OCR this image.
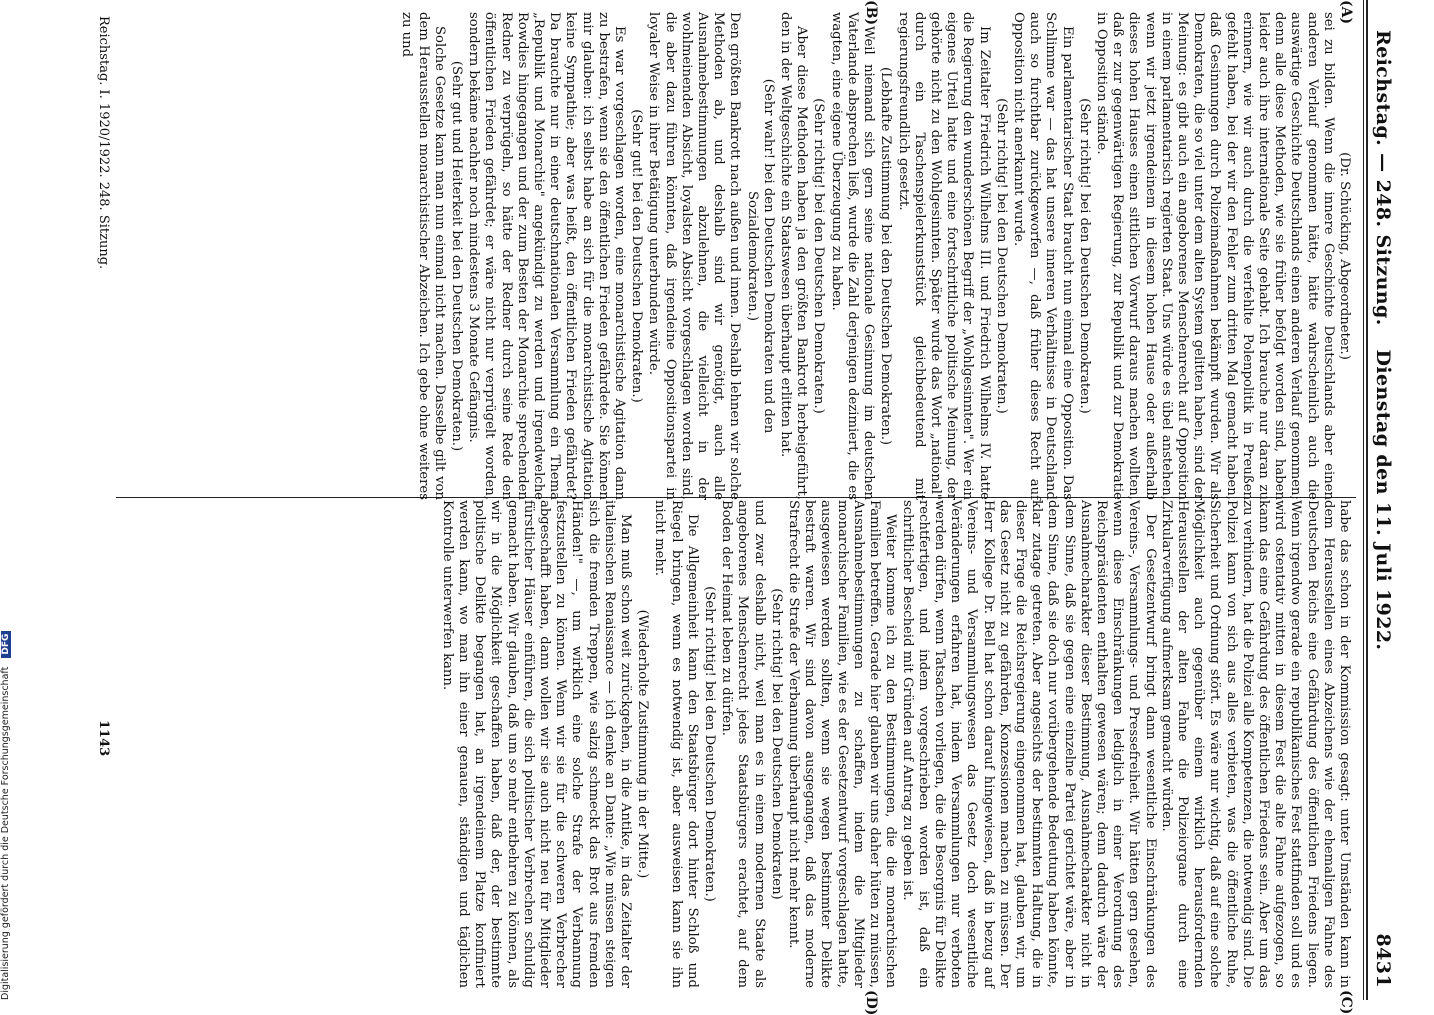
Reichstag. — 248. Sitzung.
Dienstag den 11. Juli 1922.
8431
(A)
(B)
(C)
(D)

(Dr. Schücking, Abgeordneter.)

sei zu bilden. Wenn die innere Geschichte Deutschlands aber einen anderen Verlauf genommen hätte, hätte wahrscheinlich auch die auswärtige Geschichte Deutschlands einen anderen Verlauf genommen; denn alle diese Methoden, wie sie früher befolgt worden sind, haben leider auch ihre internationale Seite gehabt. Ich brauche nur daran zu erinnern, wie wir auch durch die verfehlte Polenpolitik in Preußen gefehlt haben, bei der wir den Fehler zum dritten Mal gemacht haben, daß Gesinnungen durch Polizeimaßnahmen bekämpft wurden. Wir als Demokraten, die so viel unter dem alten System gelitten haben, sind der Meinung: es gibt auch ein angeborenes Menschenrecht auf Opposition in einem parlamentarisch regierten Staat. Uns würde es übel anstehen, wenn wir jetzt irgendeinem in diesem hohen Hause oder außerhalb dieses hohen Hauses einen sittlichen Vorwurf daraus machen wollten, daß er zur gegenwärtigen Regierung, zur Republik und zur Demokratie in Opposition stände.

(Sehr richtig! bei den Deutschen Demokraten.)

Ein parlamentarischer Staat braucht nun einmal eine Opposition. Das Schlimme war — das hat unsere inneren Verhältnisse in Deutschland auch so furchtbar zurückgeworfen —, daß früher dieses Recht auf Opposition nicht anerkannt wurde.

(Sehr richtig! bei den Deutschen Demokraten.)

Im Zeitalter Friedrich Wilhelms III. und Friedrich Wilhelms IV. hatte die Regierung den wunderschönen Begriff der „Wohlgesinnten". Wer ein eigenes Urteil hatte und eine fortschrittliche politische Meinung, der gehörte nicht zu den Wohlgesinnten. Später wurde das Wort „national" durch ein Taschenspielerkunststück gleichbedeutend mit regierungsfreundlich gesetzt.

(Lebhafte Zustimmung bei den Deutschen Demokraten.)

Weil niemand sich gern seine nationale Gesinnung im deutschen Vaterlande absprechen ließ, wurde die Zahl derjenigen dezimiert, die es wagten, eine eigene Überzeugung zu haben.

(Sehr richtig! bei den Deutschen Demokraten.)

Aber diese Methoden haben ja den größten Bankrott herbeigeführt, den in der Weltgeschichte ein Staatswesen überhaupt erlitten hat.

(Sehr wahr! bei den Deutschen Demokraten und den Sozialdemokraten.)

Den größten Bankrott nach außen und innen. Deshalb lehnen wir solche Methoden ab, und deshalb sind wir genötigt, auch alle Ausnahmebestimmungen abzulehnen, die vielleicht in der wohlmeinenden Absicht, loyalsten Absicht vorgeschlagen worden sind, die aber dazu führen könnten, daß irgendeine Oppositionspartei in loyaler Weise in ihrer Betätigung unterbunden würde.

(Sehr gut! bei den Deutschen Demokraten.)

Es war vorgeschlagen worden, eine monarchistische Agitation dann zu bestrafen, wenn sie den öffentlichen Frieden gefährdete. Sie können mir glauben: ich selbst habe an sich für die monarchistische Agitation keine Sympathie; aber was heißt, den öffentlichen Frieden gefährdet? Da brauchte nur in einer deutschnationalen Versammlung ein Thema „Republik und Monarchie" angekündigt zu werden und irgendwelche Rowdies hingegangen und der zum Besten der Monarchie sprechenden Redner zu verprügeln, so hätte der Redner durch seine Rede den öffentlichen Frieden gefährdet; er wäre nicht nur verprügelt worden, sondern bekäme nachher noch mindestens 3 Monate Gefängnis.

(Sehr gut und Heiterkeit bei den Deutschen Demokraten.)

Solche Gesetze kann man nun einmal nicht machen. Dasselbe gilt von dem Herausstellen monarchistischer Abzeichen. Ich gebe ohne weiteres zu und

habe das schon in der Kommission gesagt: unter Umständen kann in dem Herausstellen eines Abzeichens wie der ehemaligen Fahne des Deutschen Reichs eine Gefährdung des öffentlichen Friedens liegen. Wenn irgendwo gerade ein republikanisches Fest stattfinden soll und es wird ostentativ mitten in diesem Fest die alte Fahne aufgezogen, so kann das eine Gefährdung des öffentlichen Friedens sein. Aber um das zu verhindern, hat die Polizei alle Kompetenzen, die notwendig sind. Die Polizei kann von sich aus alles verbieten, was die öffentliche Ruhe, Sicherheit und Ordnung stört. Es wäre nur wichtig, daß auf eine solche Möglichkeit auch gegenüber einem wirklich herausfordernden Herausstellen der alten Fahne die Polizeiorgane durch eine Zirkularverfügung aufmerksam gemacht würden.

Der Gesetzentwurf bringt dann wesentliche Einschränkungen des Vereins-, Versammlungs- und Pressefreiheit. Wir hätten gern gesehen, wenn diese Einschränkungen lediglich in einer Verordnung des Reichspräsidenten enthalten gewesen wären; denn dadurch wäre der Ausnahmecharakter dieser Bestimmung, Ausnahmecharakter nicht in dem Sinne, daß sie gegen eine einzelne Partei gerichtet wäre, aber in dem Sinne, daß sie doch nur vorübergehende Bedeutung haben könnte, klar zutage getreten. Aber angesichts der bestimmten Haltung, die in dieser Frage die Reichsregierung eingenommen hat, glauben wir, um das Gesetz nicht zu gefährden, Konzessionen machen zu müssen. Der Herr Kollege Dr. Bell hat schon darauf hingewiesen, daß in bezug auf Vereins- und Versammlungswesen das Gesetz doch wesentliche Veränderungen erfahren hat, indem Versammlungen nur verboten werden dürfen, wenn Tatsachen vorliegen, die die Besorgnis für Delikte rechtfertigen, und indem vorgeschrieben worden ist, daß ein schriftlicher Bescheid mit Gründen auf Antrag zu geben ist.

Weiter komme ich zu den Bestimmungen, die die monarchischen Familien betreffen. Gerade hier glauben wir uns daher hüten zu müssen, Ausnahmebestimmungen zu schaffen, indem die Mitglieder monarchischer Familien, wie es der Gesetzentwurf vorgeschlagen hatte, ausgewiesen werden sollten, wenn sie wegen bestimmter Delikte bestraft waren. Wir sind davon ausgegangen, daß das moderne Strafrecht die Strafe der Verbannung überhaupt nicht mehr kennt.

(Sehr richtig! bei den Deutschen Demokraten)

und zwar deshalb nicht, weil man es in einem modernen Staate als angeborenes Menschenrecht jedes Staatsbürgers erachtet, auf dem Boden der Heimat leben zu dürfen.

(Sehr richtig! bei den Deutschen Demokraten.)

Die Allgemeinheit kann den Staatsbürger dort hinter Schloß und Riegel bringen, wenn es notwendig ist, aber ausweisen kann sie ihn nicht mehr.

(Wiederholte Zustimmung in der Mitte.)

Man muß schon weit zurückgehen, in die Antike, in das Zeitalter der italienischen Renaissance — ich denke an Dante: „Wie müssen steigen sich die fremden Treppen, wie salzig schmeckt das Brot aus fremden Händen!" —, um wirklich eine solche Strafe der Verbannung festzustellen zu können. Wenn wir sie für die schweren Verbrecher abgeschafft haben, dann wollen wir sie auch nicht neu für Mitglieder fürstlicher Häuser einführen, die sich politischer Verbrechen schuldig gemacht haben. Wir glauben, daß um so mehr entbehren zu können, als wir in die Möglichkeit geschaffen haben, daß der, der bestimmte politische Delikte begangen hat, an irgendeinem Platze konfiniert werden kann, wo man ihn einer genauen, ständigen und täglichen Kontrolle unterwerfen kann.

Reichstag. I. 1920/1922. 248. Sitzung.
1143
Digitalisierung gefördert durch die Deutsche Forschungsgemeinschaft DFG
